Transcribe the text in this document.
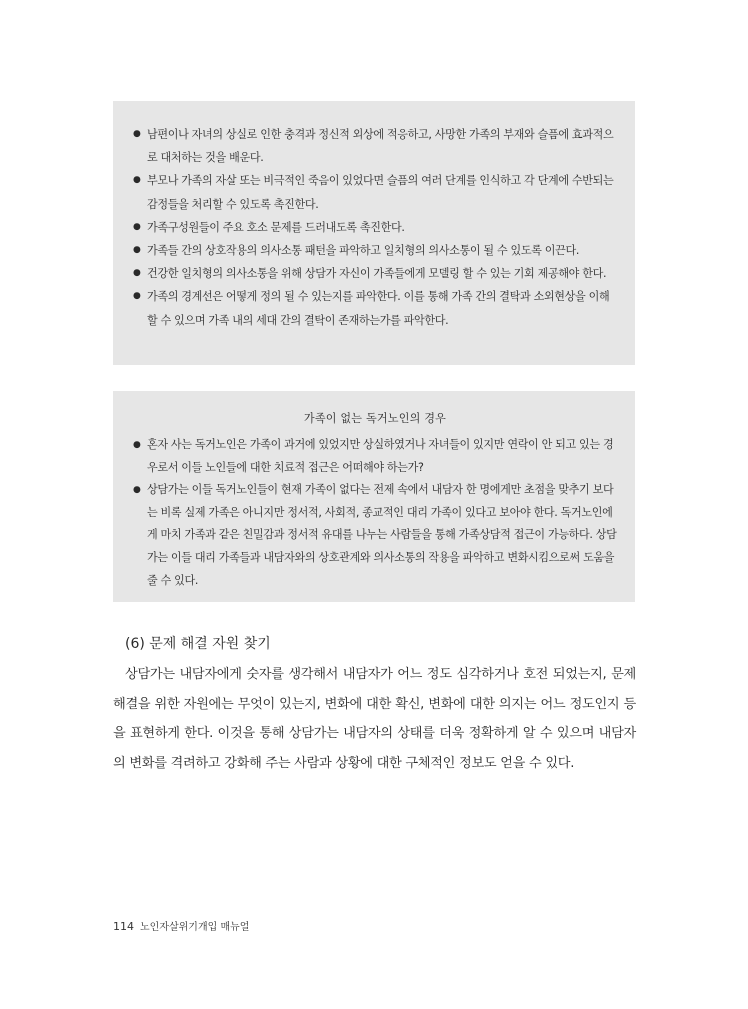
● 남편이나 자녀의 상실로 인한 충격과 정신적 외상에 적응하고, 사망한 가족의 부재와 슬픔에 효과적으로 대처하는 것을 배운다.
● 부모나 가족의 자살 또는 비극적인 죽음이 있었다면 슬픔의 여러 단계를 인식하고 각 단계에 수반되는 감정들을 처리할 수 있도록 촉진한다.
● 가족구성원들이 주요 호소 문제를 드러내도록 촉진한다.
● 가족들 간의 상호작용의 의사소통 패턴을 파악하고 일치형의 의사소통이 될 수 있도록 이끈다.
● 건강한 일치형의 의사소통을 위해 상담가 자신이 가족들에게 모델링 할 수 있는 기회 제공해야 한다.
● 가족의 경계선은 어떻게 정의 될 수 있는지를 파악한다. 이를 통해 가족 간의 결탁과 소외현상을 이해할 수 있으며 가족 내의 세대 간의 결탁이 존재하는가를 파악한다.
가족이 없는 독거노인의 경우
● 혼자 사는 독거노인은 가족이 과거에 있었지만 상실하였거나 자녀들이 있지만 연락이 안 되고 있는 경우로서 이들 노인들에 대한 치료적 접근은 어떠해야 하는가?
● 상담가는 이들 독거노인들이 현재 가족이 없다는 전제 속에서 내담자 한 명에게만 초점을 맞추기 보다는 비록 실제 가족은 아니지만 정서적, 사회적, 종교적인 대리 가족이 있다고 보아야 한다. 독거노인에게 마치 가족과 같은 친밀감과 정서적 유대를 나누는 사람들을 통해 가족상담적 접근이 가능하다. 상담가는 이들 대리 가족들과 내담자와의 상호관계와 의사소통의 작용을 파악하고 변화시킴으로써 도움을 줄 수 있다.
(6) 문제 해결 자원 찾기

상담가는 내담자에게 숫자를 생각해서 내담자가 어느 정도 심각하거나 호전 되었는지, 문제해결을 위한 자원에는 무엇이 있는지, 변화에 대한 확신, 변화에 대한 의지는 어느 정도인지 등을 표현하게 한다. 이것을 통해 상담가는 내담자의 상태를 더욱 정확하게 알 수 있으며 내담자의 변화를 격려하고 강화해 주는 사람과 상황에 대한 구체적인 정보도 얻을 수 있다.

114 노인자살위기개입 매뉴얼
